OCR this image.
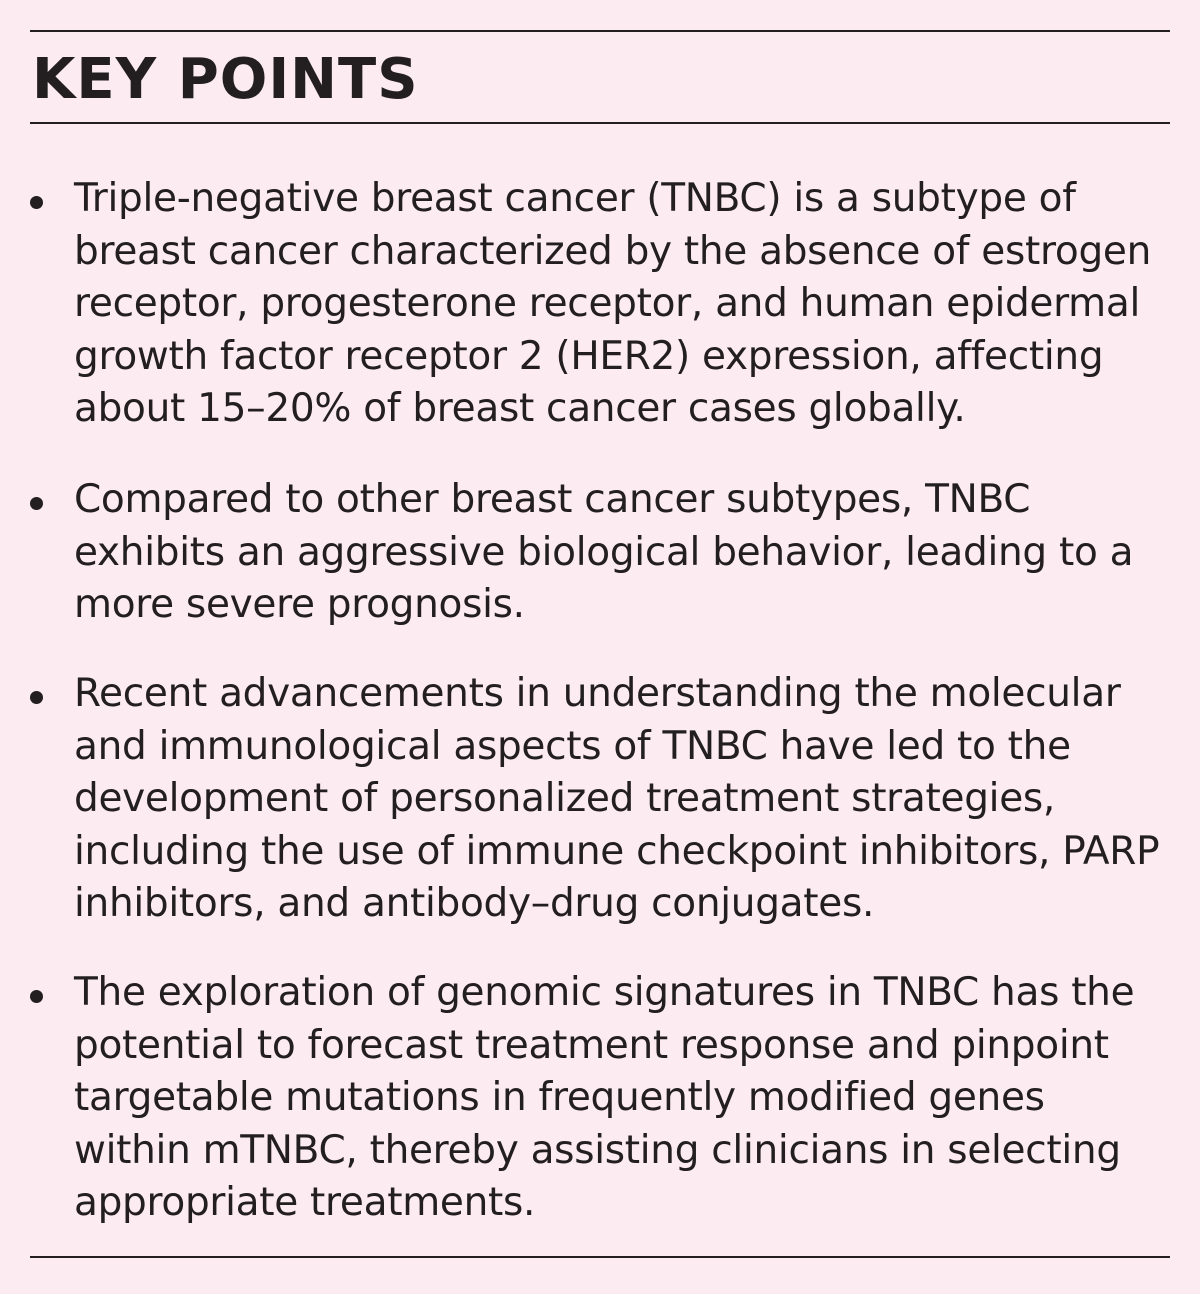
KEY POINTS
Triple-negative breast cancer (TNBC) is a subtype of breast cancer characterized by the absence of estrogen receptor, progesterone receptor, and human epidermal growth factor receptor 2 (HER2) expression, affecting about 15–20% of breast cancer cases globally.
Compared to other breast cancer subtypes, TNBC exhibits an aggressive biological behavior, leading to a more severe prognosis.
Recent advancements in understanding the molecular and immunological aspects of TNBC have led to the development of personalized treatment strategies, including the use of immune checkpoint inhibitors, PARP inhibitors, and antibody–drug conjugates.
The exploration of genomic signatures in TNBC has the potential to forecast treatment response and pinpoint targetable mutations in frequently modified genes within mTNBC, thereby assisting clinicians in selecting appropriate treatments.
